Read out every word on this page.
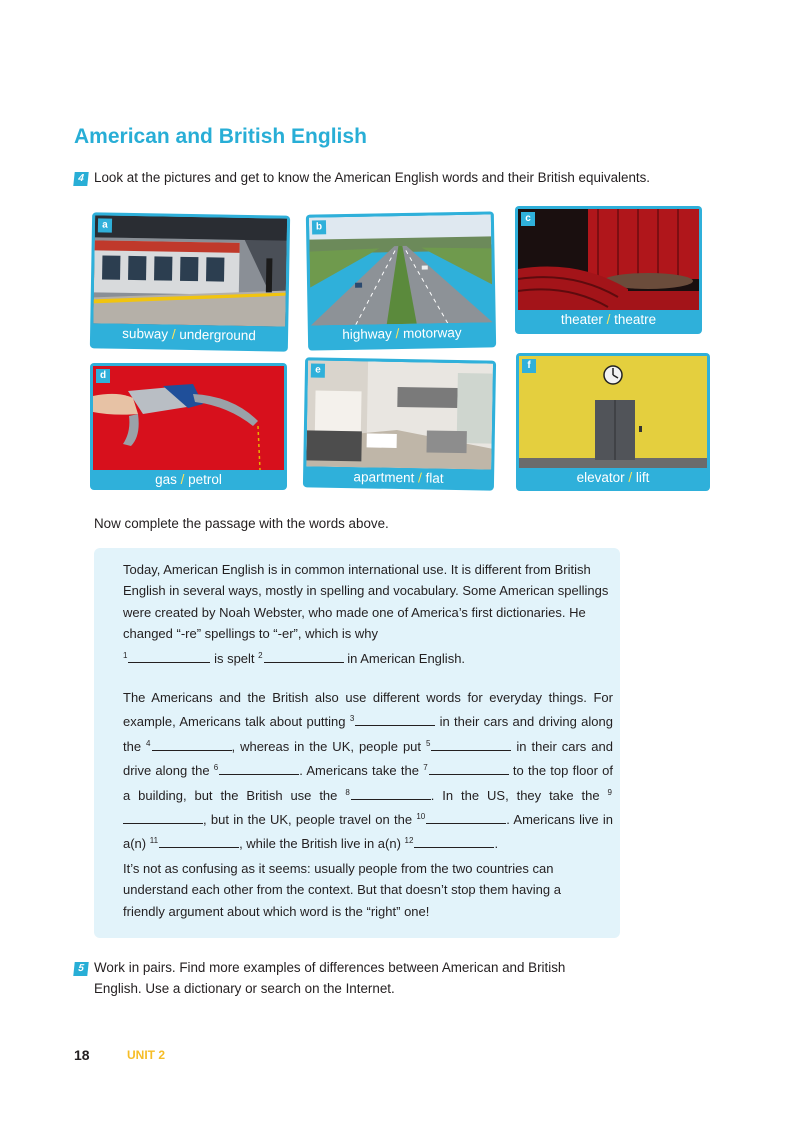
American and British English
4 Look at the pictures and get to know the American English words and their British equivalents.
a
subway / underground
b
highway / motorway
c
theater / theatre
d
gas / petrol
e
apartment / flat
f
elevator / lift
Now complete the passage with the words above.
Today, American English is in common international use. It is different from British English in several ways, mostly in spelling and vocabulary. Some American spellings were created by Noah Webster, who made one of America’s first dictionaries. He changed “-re” spellings to “-er”, which is why
$^1$	is spelt $^2$	in American English.
The Americans and the British also use different words for everyday things. For example, Americans talk about putting $^3$	in their cars and driving along the $^4$	, whereas in the UK, people put $^5$	in their cars and drive along the $^6$	. Americans take the $^7$	to the top floor of a building, but the British use the $^8$	. In the US, they take the $^9$, but in the UK, people travel on the $^{10}$	. Americans live in a(n) $^{11}$	, while the British live in a(n) $^{12}$	.
It’s not as confusing as it seems: usually people from the two countries can understand each other from the context. But that doesn’t stop them having a friendly argument about which word is the “right” one!
5 Work in pairs. Find more examples of differences between American and British English. Use a dictionary or search on the Internet.
18	UNIT 2
